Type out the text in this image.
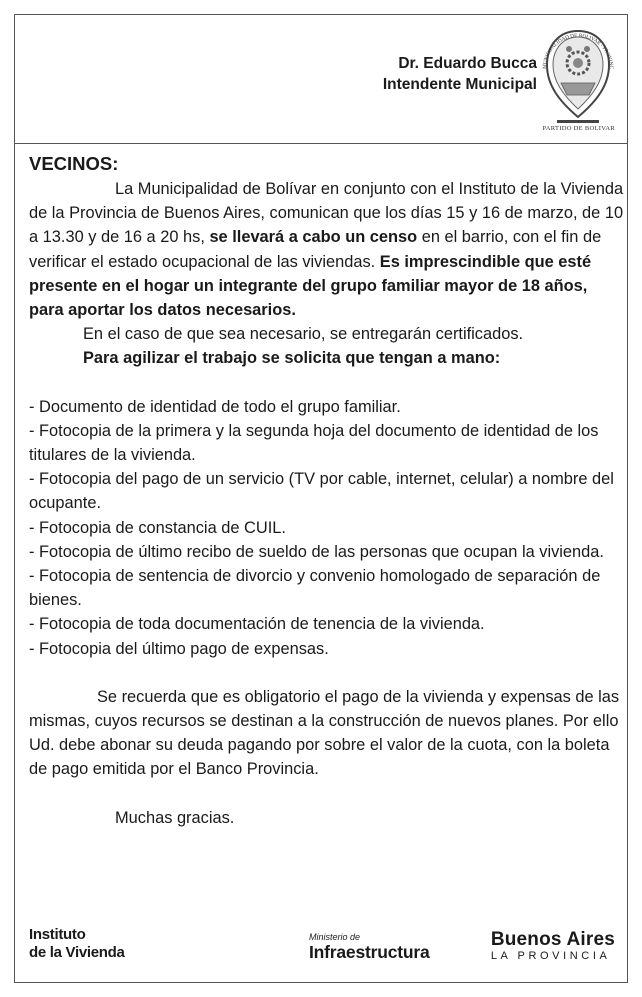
Dr. Eduardo Bucca
Intendente Municipal
MUNICIPALIDAD DE BOLIVAR - PROVINC
PARTIDO DE BOLIVAR

VECINOS:

La Municipalidad de Bolívar en conjunto con el Instituto de la Vivienda de la Provincia de Buenos Aires, comunican que los días 15 y 16 de marzo, de 10 a 13.30 y de 16 a 20 hs, se llevará a cabo un censo en el barrio, con el fin de verificar el estado ocupacional de las viviendas. Es imprescindible que esté presente en el hogar un integrante del grupo familiar mayor de 18 años, para aportar los datos necesarios.

En el caso de que sea necesario, se entregarán certificados.

Para agilizar el trabajo se solicita que tengan a mano:

- Documento de identidad de todo el grupo familiar.

- Fotocopia de la primera y la segunda hoja del documento de identidad de los titulares de la vivienda.

- Fotocopia del pago de un servicio (TV por cable, internet, celular) a nombre del ocupante.

- Fotocopia de constancia de CUIL.

- Fotocopia de último recibo de sueldo de las personas que ocupan la vivienda.

- Fotocopia de sentencia de divorcio y convenio homologado de separación de bienes.

- Fotocopia de toda documentación de tenencia de la vivienda.

- Fotocopia del último pago de expensas.

Se recuerda que es obligatorio el pago de la vivienda y expensas de las mismas, cuyos recursos se destinan a la construcción de nuevos planes. Por ello Ud. debe abonar su deuda pagando por sobre el valor de la cuota, con la boleta de pago emitida por el Banco Provincia.

Muchas gracias.

Instituto
de la Vivienda
Ministerio de
Infraestructura
Buenos Aires
LA PROVINCIA
